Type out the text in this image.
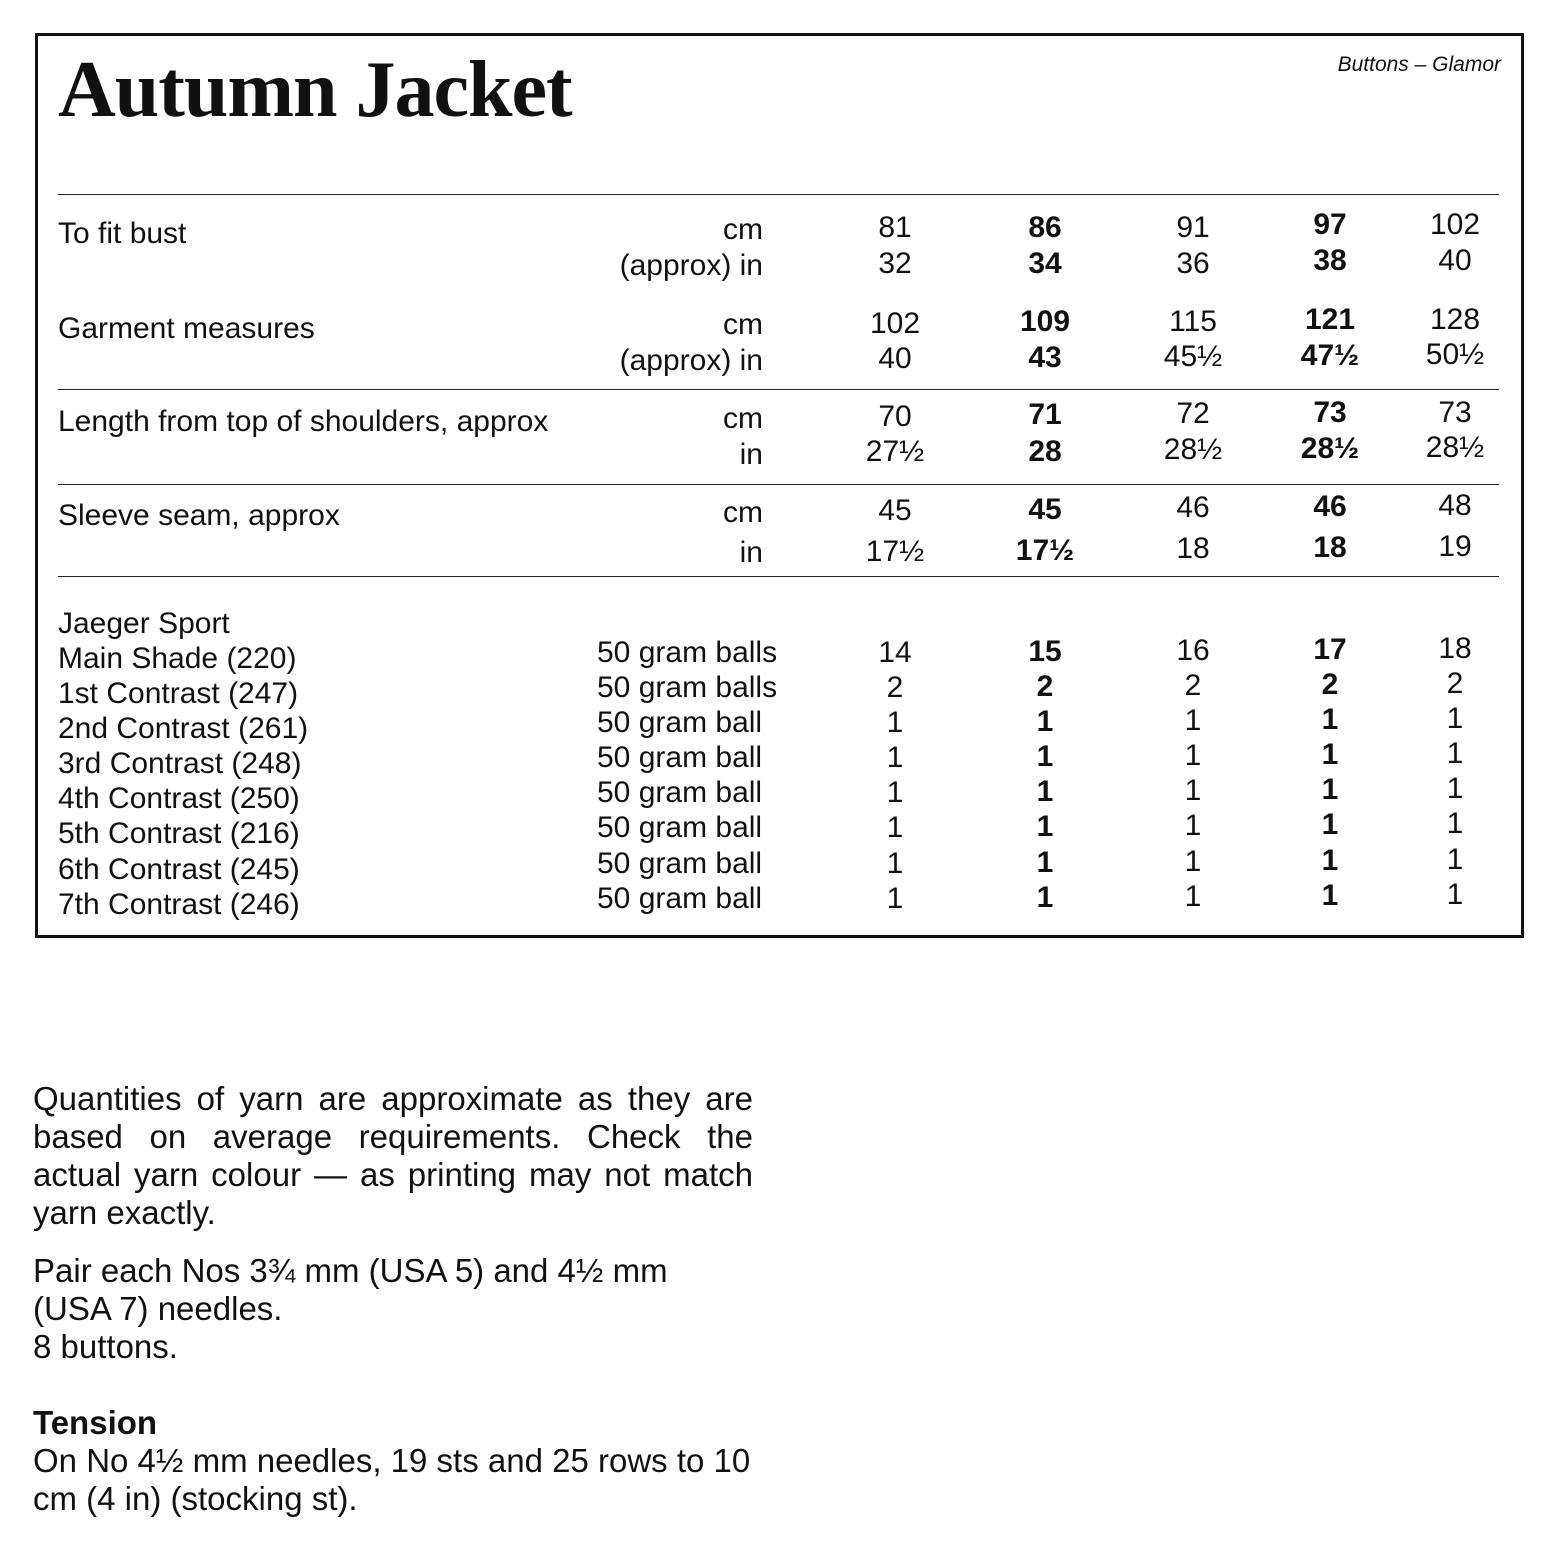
Autumn Jacket	Buttons – Glamor
To fit bust	cm	81	86	91	97	102
(approx) in	32	34	36	38	40
Garment measures	cm	102	109	115	121	128
(approx) in	40	43	45½	47½	50½
Length from top of shoulders, approx	cm	70	71	72	73	73
in	27½	28	28½	28½	28½
Sleeve seam, approx	cm	45	45	46	46	48
in	17½	17½	18	18	19
Jaeger Sport
Main Shade (220)	50 gram balls	14	15	16	17	18
1st Contrast (247)	50 gram balls	2	2	2	2	2
2nd Contrast (261)	50 gram ball	1	1	1	1	1
3rd Contrast (248)	50 gram ball	1	1	1	1	1
4th Contrast (250)	50 gram ball	1	1	1	1	1
5th Contrast (216)	50 gram ball	1	1	1	1	1
6th Contrast (245)	50 gram ball	1	1	1	1	1
7th Contrast (246)	50 gram ball	1	1	1	1	1

Quantities of yarn are approximate as they are based on average requirements. Check the actual yarn colour — as printing may not match yarn exactly.

Pair each Nos 3¾ mm (USA 5) and 4½ mm (USA 7) needles.

8 buttons.

Tension

On No 4½ mm needles, 19 sts and 25 rows to 10 cm (4 in) (stocking st).
